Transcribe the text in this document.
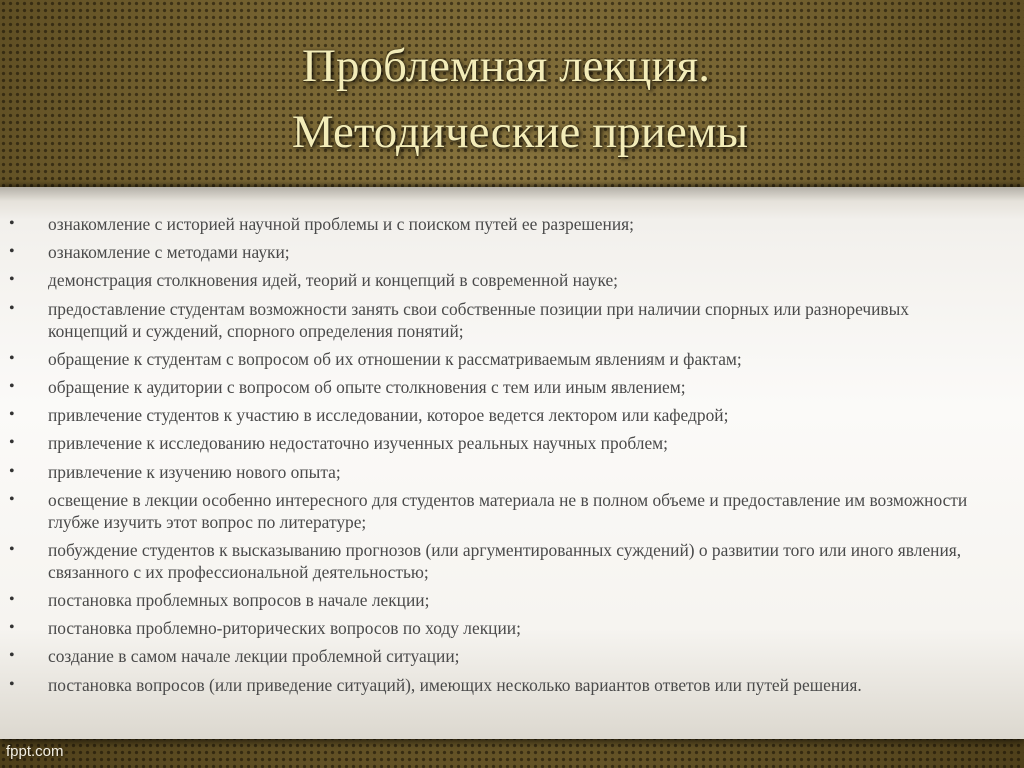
Проблемная лекция.
Методические приемы
• ознакомление с историей научной проблемы и с поиском путей ее разрешения;
• ознакомление с методами науки;
• демонстрация столкновения идей, теорий и концепций в современной науке;
• предоставление студентам возможности занять свои собственные позиции при наличии спорных или разноречивых концепций и суждений, спорного определения понятий;
• обращение к студентам с вопросом об их отношении к рассматриваемым явлениям и фактам;
• обращение к аудитории с вопросом об опыте столкновения с тем или иным явлением;
• привлечение студентов к участию в исследовании, которое ведется лектором или кафедрой;
• привлечение к исследованию недостаточно изученных реальных научных проблем;
• привлечение к изучению нового опыта;
• освещение в лекции особенно интересного для студентов материала не в полном объеме и предоставление им возможности глубже изучить этот вопрос по литературе;
• побуждение студентов к высказыванию прогнозов (или аргументированных суждений) о развитии того или иного явления, связанного с их профессиональной деятельностью;
• постановка проблемных вопросов в начале лекции;
• постановка проблемно-риторических вопросов по ходу лекции;
• создание в самом начале лекции проблемной ситуации;
• постановка вопросов (или приведение ситуаций), имеющих несколько вариантов ответов или путей решения.
fppt.com
